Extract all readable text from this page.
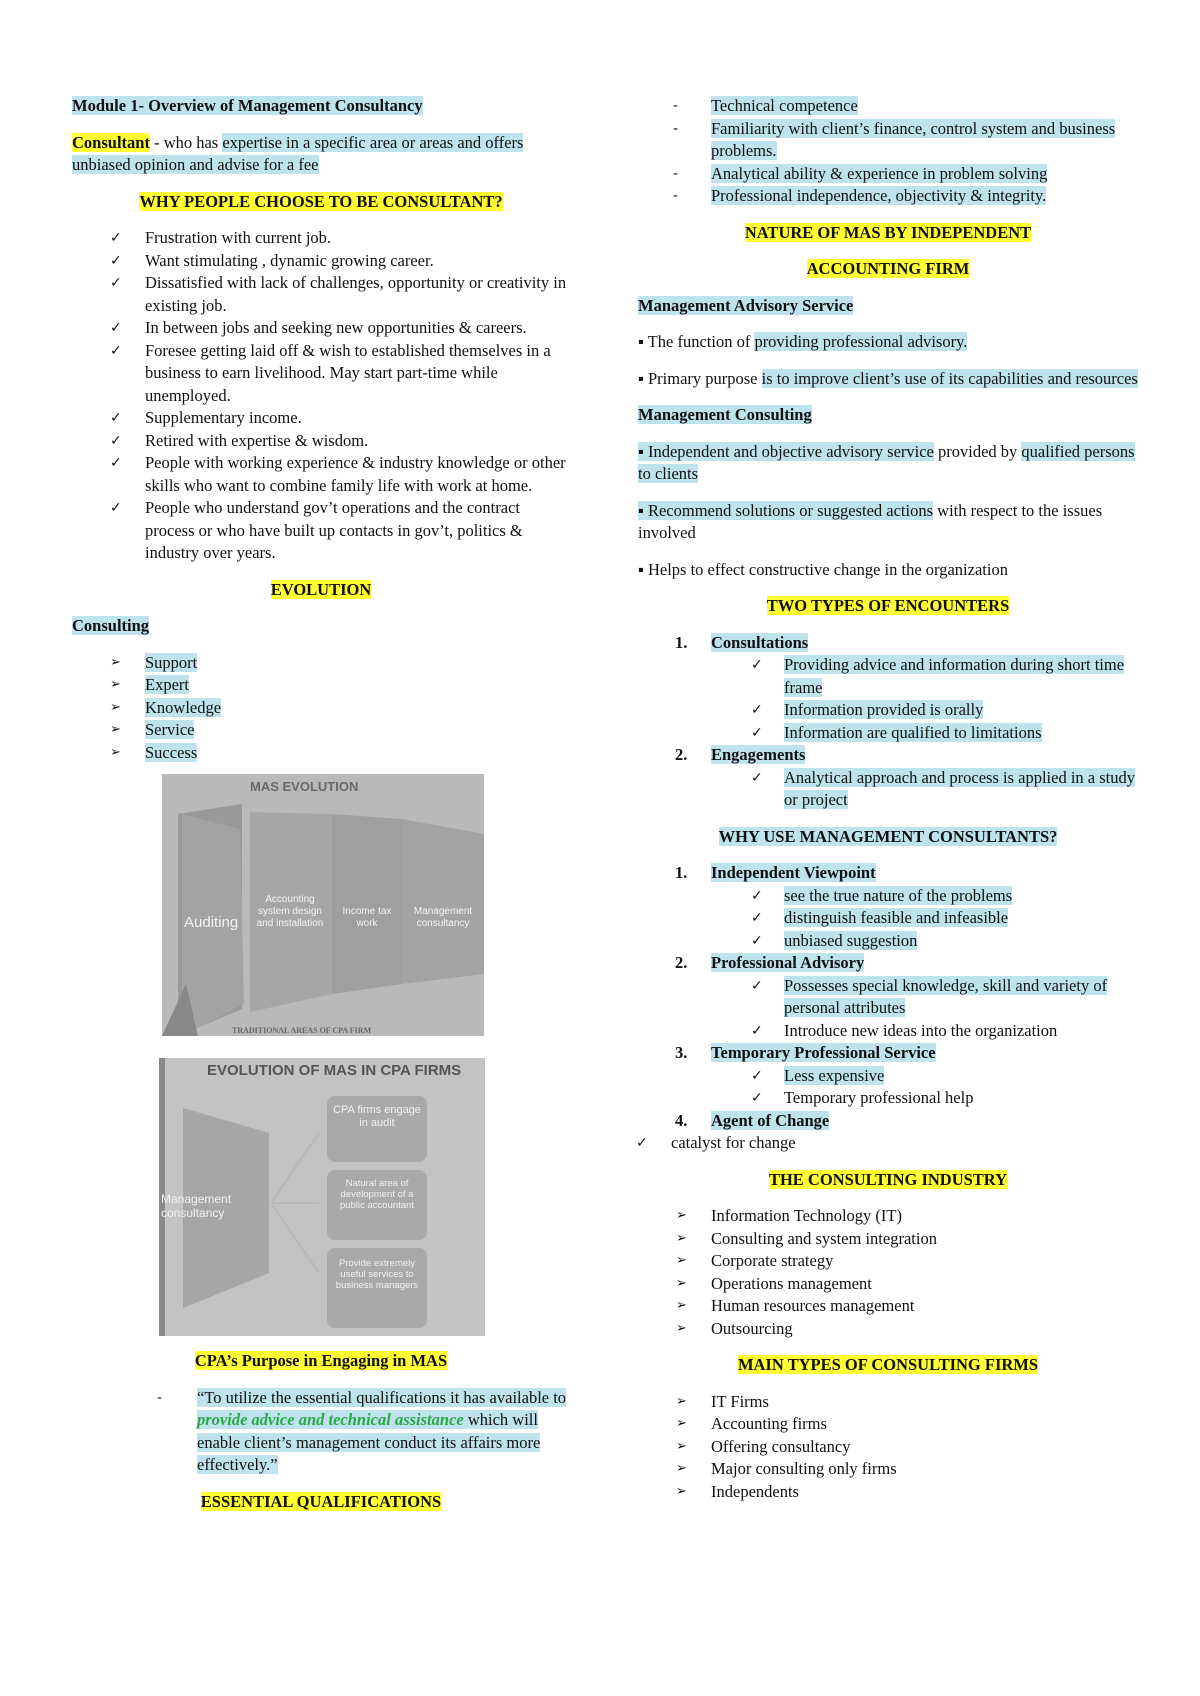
Module 1- Overview of Management Consultancy
Consultant - who has expertise in a specific area or areas and offers unbiased opinion and advise for a fee
WHY PEOPLE CHOOSE TO BE CONSULTANT?
✓ Frustration with current job.
✓ Want stimulating , dynamic growing career.
✓ Dissatisfied with lack of challenges, opportunity or creativity in existing job.
✓ In between jobs and seeking new opportunities & careers.
✓ Foresee getting laid off & wish to established themselves in a business to earn livelihood. May start part-time while unemployed.
✓ Supplementary income.
✓ Retired with expertise & wisdom.
✓ People with working experience & industry knowledge or other skills who want to combine family life with work at home.
✓ People who understand gov’t operations and the contract process or who have built up contacts in gov’t, politics & industry over years.
EVOLUTION
Consulting
➢ Support
➢ Expert
➢ Knowledge
➢ Service
➢ Success
MAS EVOLUTION
Auditing
Accounting system design and installation
Income tax work
Management consultancy
TRADITIONAL AREAS OF CPA FIRM
EVOLUTION OF MAS IN CPA FIRMS
Management consultancy
CPA firms engage in audit
Natural area of development of a public accountant
Provide extremely useful services to business managers
CPA’s Purpose in Engaging in MAS
- “To utilize the essential qualifications it has available to provide advice and technical assistance which will enable client’s management conduct its affairs more effectively.”
ESSENTIAL QUALIFICATIONS
- Technical competence
- Familiarity with client’s finance, control system and business problems.
- Analytical ability & experience in problem solving
- Professional independence, objectivity & integrity.
NATURE OF MAS BY INDEPENDENT
ACCOUNTING FIRM
Management Advisory Service
▪ The function of providing professional advisory.
▪ Primary purpose is to improve client’s use of its capabilities and resources
Management Consulting
▪ Independent and objective advisory service provided by qualified persons to clients
▪ Recommend solutions or suggested actions with respect to the issues involved
▪ Helps to effect constructive change in the organization
TWO TYPES OF ENCOUNTERS
1. Consultations
✓ Providing advice and information during short time frame
✓ Information provided is orally
✓ Information are qualified to limitations
2. Engagements
✓ Analytical approach and process is applied in a study or project
WHY USE MANAGEMENT CONSULTANTS?
1. Independent Viewpoint
✓ see the true nature of the problems
✓ distinguish feasible and infeasible
✓ unbiased suggestion
2. Professional Advisory
✓ Possesses special knowledge, skill and variety of personal attributes
✓ Introduce new ideas into the organization
3. Temporary Professional Service
✓ Less expensive
✓ Temporary professional help
4. Agent of Change
✓ catalyst for change
THE CONSULTING INDUSTRY
➢ Information Technology (IT)
➢ Consulting and system integration
➢ Corporate strategy
➢ Operations management
➢ Human resources management
➢ Outsourcing
MAIN TYPES OF CONSULTING FIRMS
➢ IT Firms
➢ Accounting firms
➢ Offering consultancy
➢ Major consulting only firms
➢ Independents
